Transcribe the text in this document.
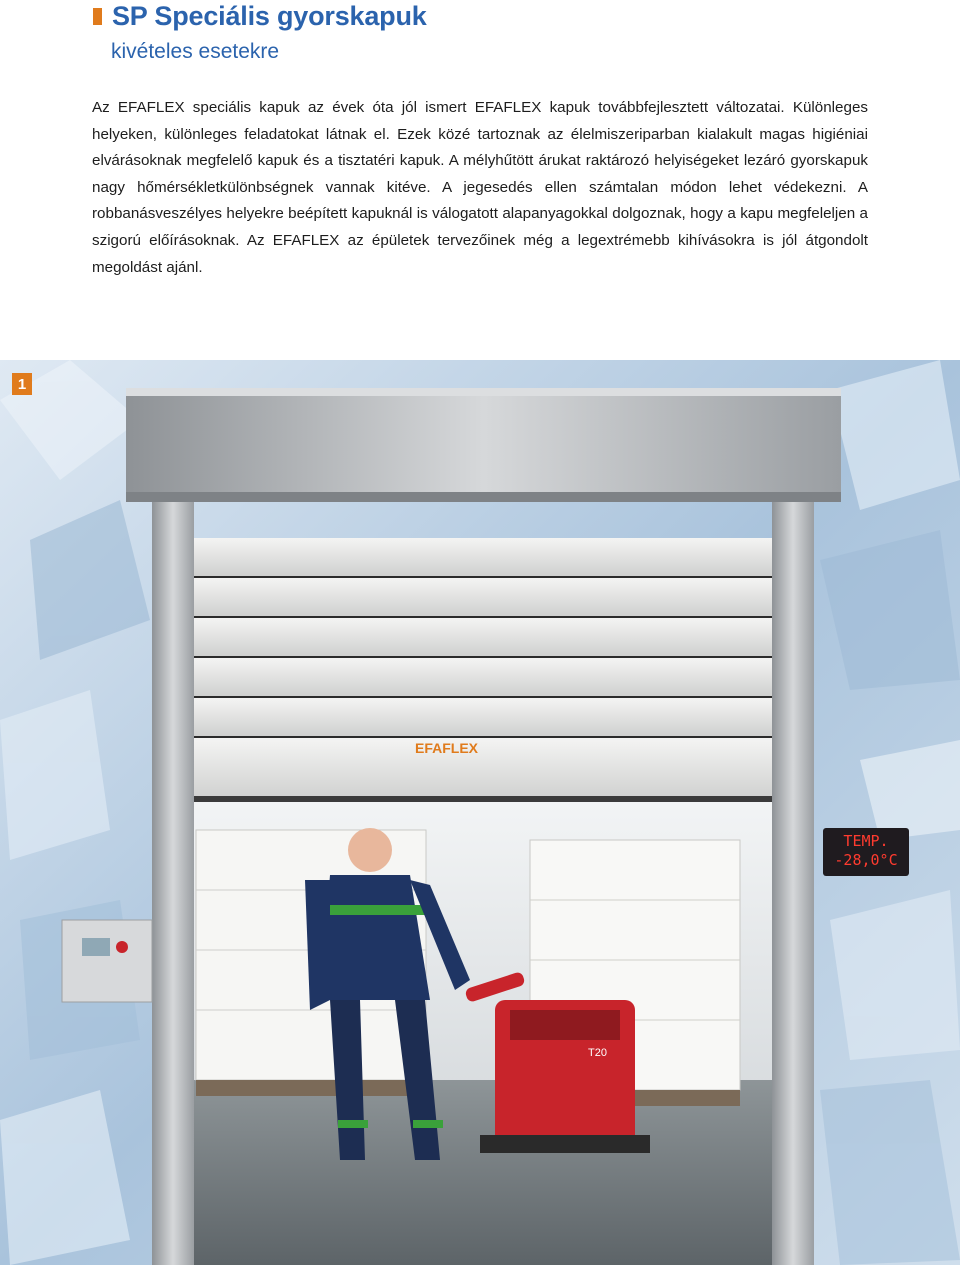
SP Speciális gyorskapuk
kivételes esetekre
Az EFAFLEX speciális kapuk az évek óta jól ismert EFAFLEX kapuk továbbfejlesztett változatai. Különleges helyeken, különleges feladatokat látnak el. Ezek közé tartoznak az élelmiszeriparban kialakult magas higiéniai elvárásoknak megfelelő kapuk és a tisztatéri kapuk. A mélyhűtött árukat raktározó helyiségeket lezáró gyorskapuk nagy hőmérsékletkülönbségnek vannak kitéve. A jegesedés ellen számtalan módon lehet védekezni. A robbanásveszélyes helyekre beépített kapuknál is válogatott alapanyagokkal dolgoznak, hogy a kapu megfeleljen a szigorú előírásoknak. Az EFAFLEX az épületek tervezőinek még a legextrémebb kihívásokra is jól átgondolt megoldást ajánl.
EFAFLEX
T20
1
TEMP.
-28,0°C
